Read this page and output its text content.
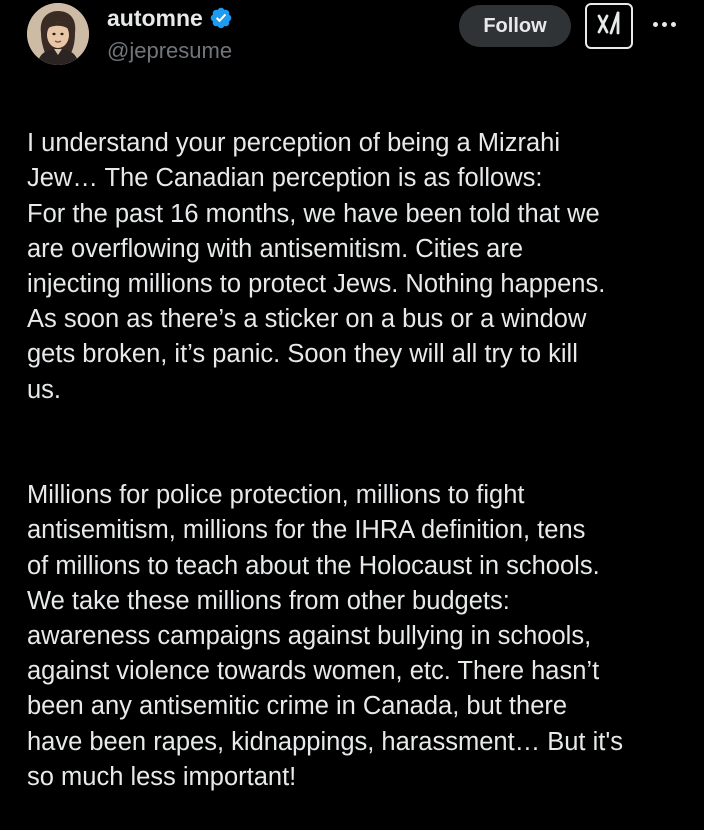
automne
@jepresume
Follow

I understand your perception of being a Mizrahi
Jew… The Canadian perception is as follows:
For the past 16 months, we have been told that we
are overflowing with antisemitism. Cities are
injecting millions to protect Jews. Nothing happens.
As soon as there’s a sticker on a bus or a window
gets broken, it’s panic. Soon they will all try to kill
us.

Millions for police protection, millions to fight
antisemitism, millions for the IHRA definition, tens
of millions to teach about the Holocaust in schools.
We take these millions from other budgets:
awareness campaigns against bullying in schools,
against violence towards women, etc. There hasn’t
been any antisemitic crime in Canada, but there
have been rapes, kidnappings, harassment… But it's
so much less important!
